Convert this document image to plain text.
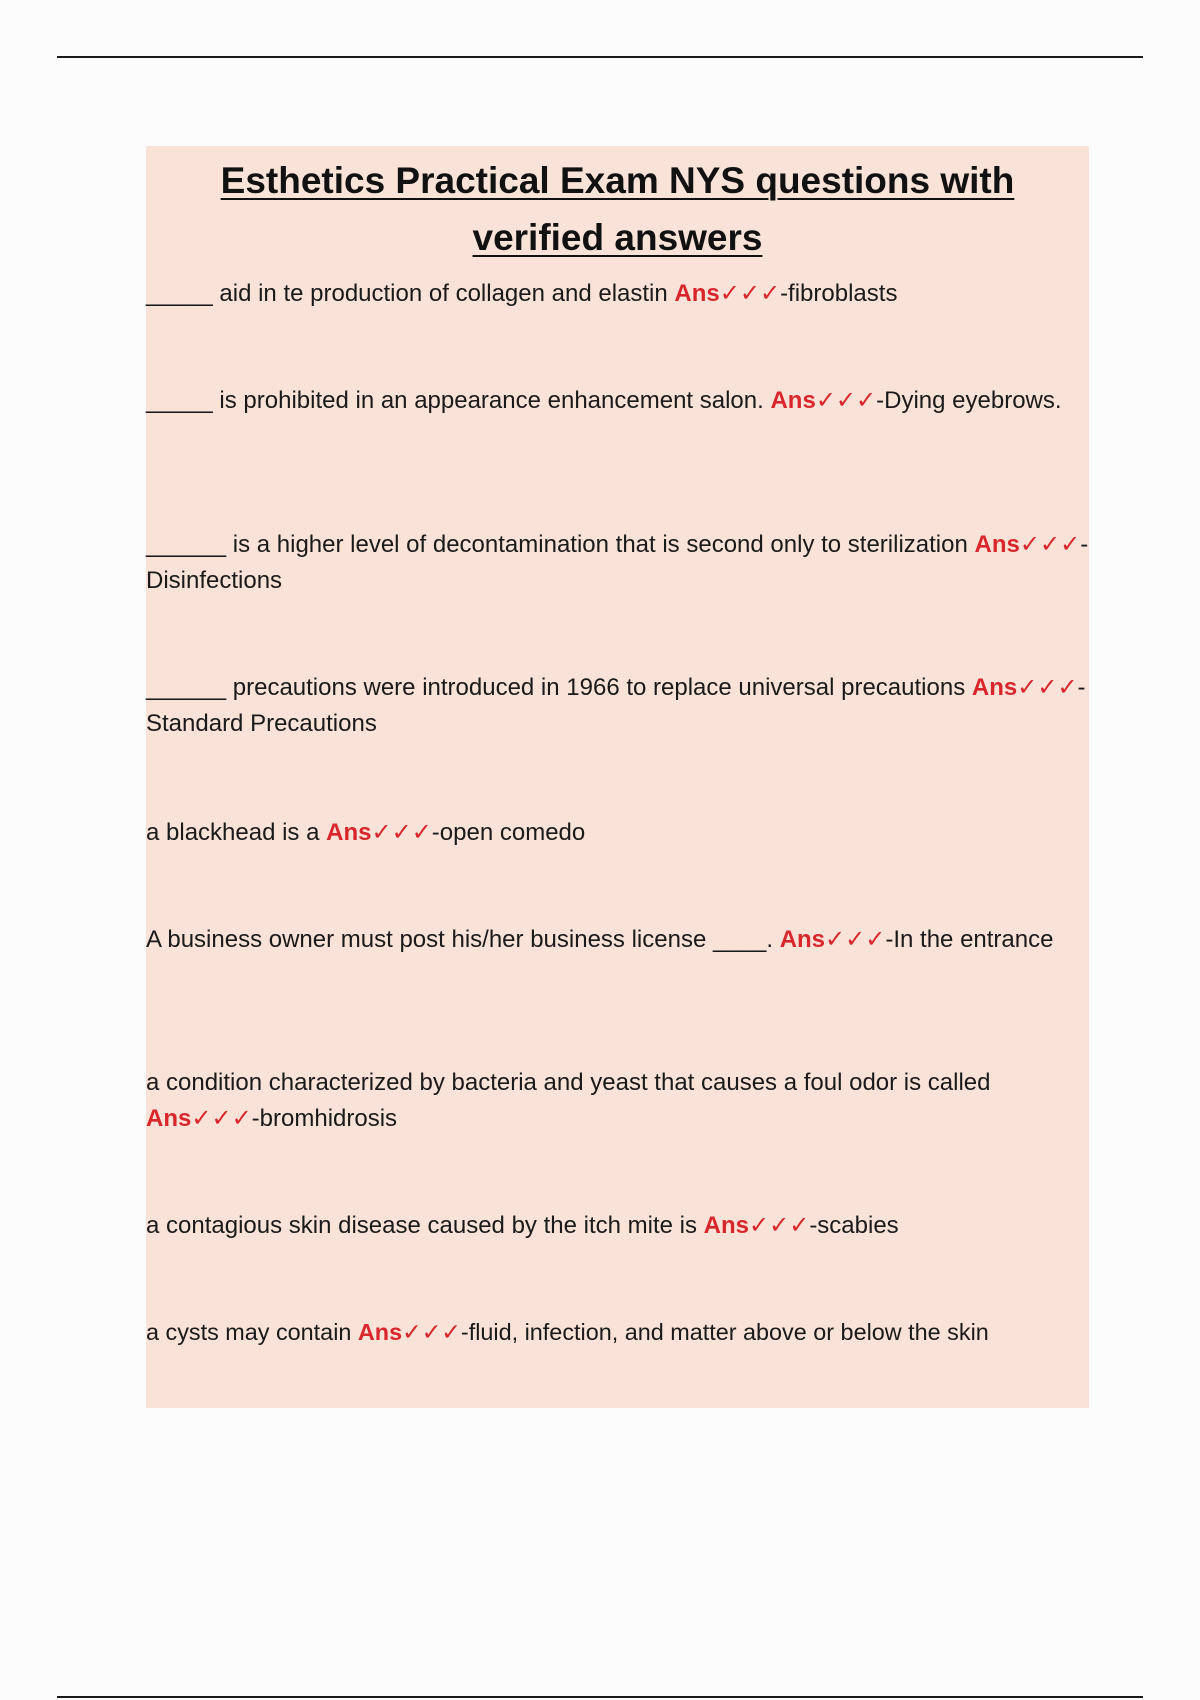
Esthetics Practical Exam NYS questions with verified answers

_____ aid in te production of collagen and elastin Ans✓✓✓-fibroblasts

_____ is prohibited in an appearance enhancement salon. Ans✓✓✓-Dying eyebrows.

______ is a higher level of decontamination that is second only to sterilization Ans✓✓✓-Disinfections

______ precautions were introduced in 1966 to replace universal precautions Ans✓✓✓-Standard Precautions

a blackhead is a Ans✓✓✓-open comedo

A business owner must post his/her business license ____. Ans✓✓✓-In the entrance

a condition characterized by bacteria and yeast that causes a foul odor is called Ans✓✓✓-bromhidrosis

a contagious skin disease caused by the itch mite is Ans✓✓✓-scabies

a cysts may contain Ans✓✓✓-fluid, infection, and matter above or below the skin
